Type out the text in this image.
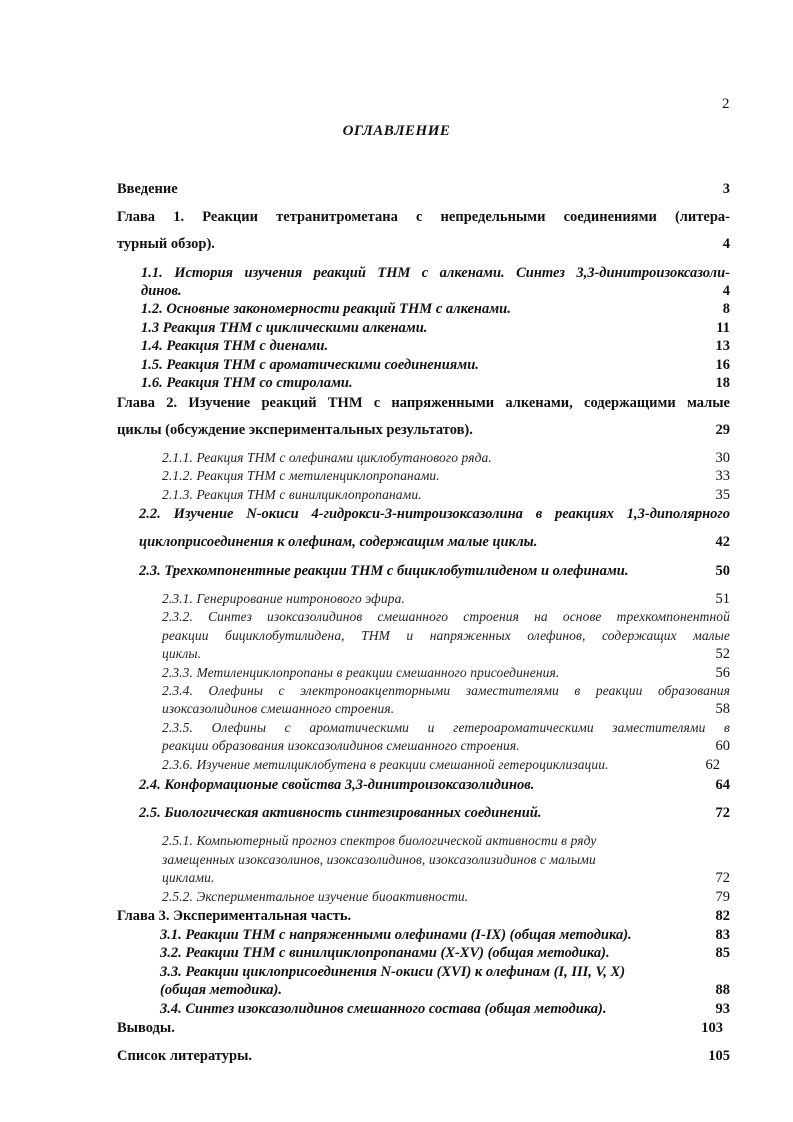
2
ОГЛАВЛЕНИЕ
Введение	3
Глава 1. Реакции тетранитрометана с непредельными соединениями (литера-
турный обзор).	4
1.1. История изучения реакций ТНМ с алкенами. Синтез 3,3-динитроизоксазоли-
динов.	4
1.2. Основные закономерности реакций ТНМ с алкенами.	8
1.3 Реакция ТНМ с циклическими алкенами.	11
1.4. Реакция ТНМ с диенами.	13
1.5. Реакция ТНМ с ароматическими соединениями.	16
1.6. Реакция ТНМ со стиролами.	18
Глава 2. Изучение реакций ТНМ с напряженными алкенами, содержащими малые
циклы (обсуждение экспериментальных результатов).	29
2.1.1. Реакция ТНМ с олефинами циклобутанового ряда.	30
2.1.2. Реакция ТНМ с метиленциклопропанами.	33
2.1.3. Реакция ТНМ с винилциклопропанами.	35
2.2. Изучение N-окиси 4-гидрокси-3-нитроизоксазолина в реакциях 1,3-диполярного
циклоприсоединения к олефинам, содержащим малые циклы.	42
2.3. Трехкомпонентные реакции ТНМ с бициклобутилиденом и олефинами.	50
2.3.1. Генерирование нитронового эфира.	51
2.3.2. Синтез изоксазолидинов смешанного строения на основе трехкомпонентной
реакции бициклобутилидена, ТНМ и напряженных олефинов, содержащих малые
циклы.	52
2.3.3. Метиленциклопропаны в реакции смешанного присоединения.	56
2.3.4. Олефины с электроноакцепторными заместителями в реакции образования
изоксазолидинов смешанного строения.	58
2.3.5. Олефины с ароматическими и гетероароматическими заместителями в
реакции образования изоксазолидинов смешанного строения.	60
2.3.6. Изучение метилциклобутена в реакции смешанной гетероциклизации.	62
2.4. Конформационые свойства 3,3-динитроизоксазолидинов.	64
2.5. Биологическая активность синтезированных соединений.	72
2.5.1. Компьютерный прогноз спектров биологической активности в ряду
замещенных изоксазолинов, изоксазолидинов, изоксазолизидинов с малыми
циклами.	72
2.5.2. Экспериментальное изучение биоактивности.	79
Глава 3. Экспериментальная часть.	82
3.1. Реакции ТНМ с напряженными олефинами (I-IX) (общая методика).	83
3.2. Реакции ТНМ с винилциклопропанами (X-XV) (общая методика).	85
3.3. Реакции циклоприсоединения N-окиси (XVI) к олефинам (I, III, V, X)
(общая методика).	88
3.4. Синтез изоксазолидинов смешанного состава (общая методика).	93
Выводы.	103
Список литературы.	105
